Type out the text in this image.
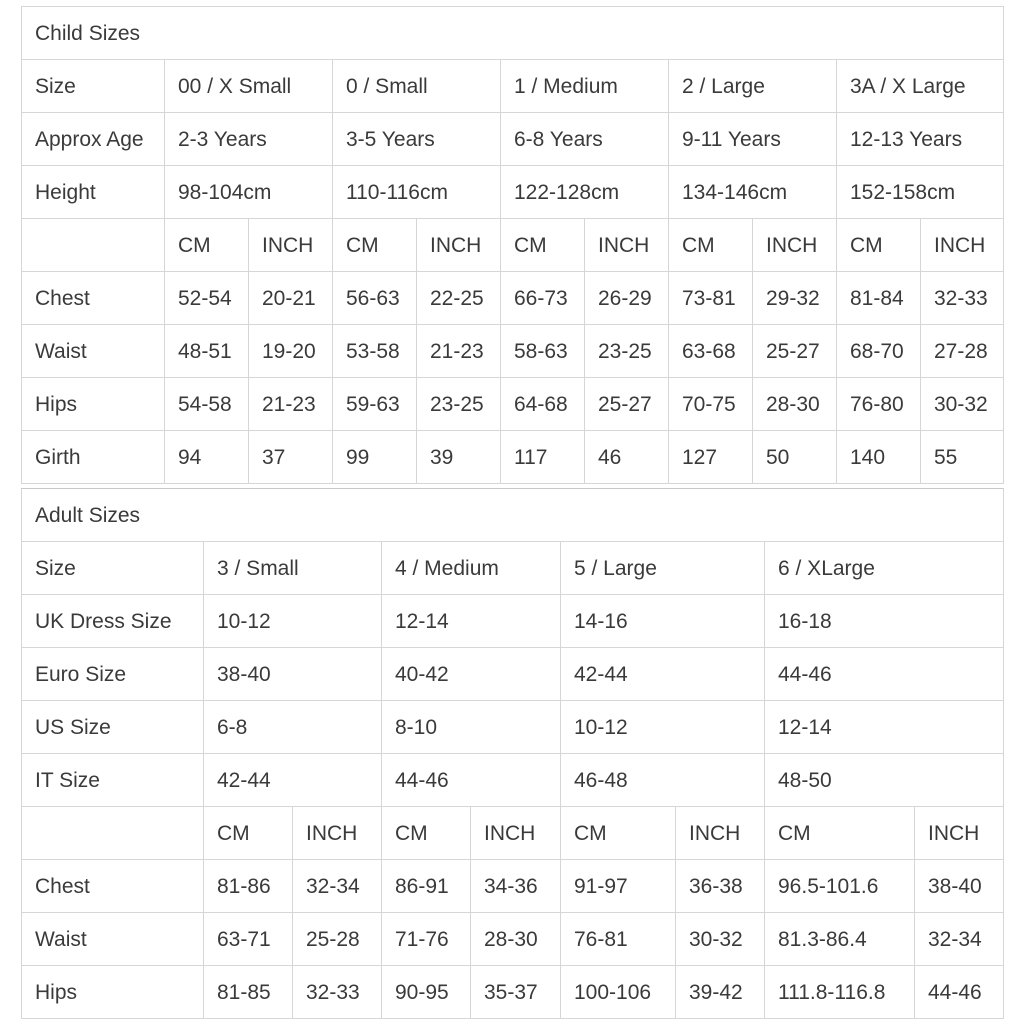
Child Sizes										
Size	00 / X Small		0 / Small		1 / Medium		2 / Large		3A / X Large	
Approx Age	2-3 Years		3-5 Years		6-8 Years		9-11 Years		12-13 Years	
Height	98-104cm		110-116cm		122-128cm		134-146cm		152-158cm	
	CM	INCH	CM	INCH	CM	INCH	CM	INCH	CM	INCH
Chest	52-54	20-21	56-63	22-25	66-73	26-29	73-81	29-32	81-84	32-33
Waist	48-51	19-20	53-58	21-23	58-63	23-25	63-68	25-27	68-70	27-28
Hips	54-58	21-23	59-63	23-25	64-68	25-27	70-75	28-30	76-80	30-32
Girth	94	37	99	39	117	46	127	50	140	55
Adult Sizes								
Size	3 / Small		4 / Medium		5 / Large		6 / XLarge	
UK Dress Size	10-12		12-14		14-16		16-18	
Euro Size	38-40		40-42		42-44		44-46	
US Size	6-8		8-10		10-12		12-14	
IT Size	42-44		44-46		46-48		48-50	
	CM	INCH	CM	INCH	CM	INCH	CM	INCH
Chest	81-86	32-34	86-91	34-36	91-97	36-38	96.5-101.6	38-40
Waist	63-71	25-28	71-76	28-30	76-81	30-32	81.3-86.4	32-34
Hips	81-85	32-33	90-95	35-37	100-106	39-42	111.8-116.8	44-46
